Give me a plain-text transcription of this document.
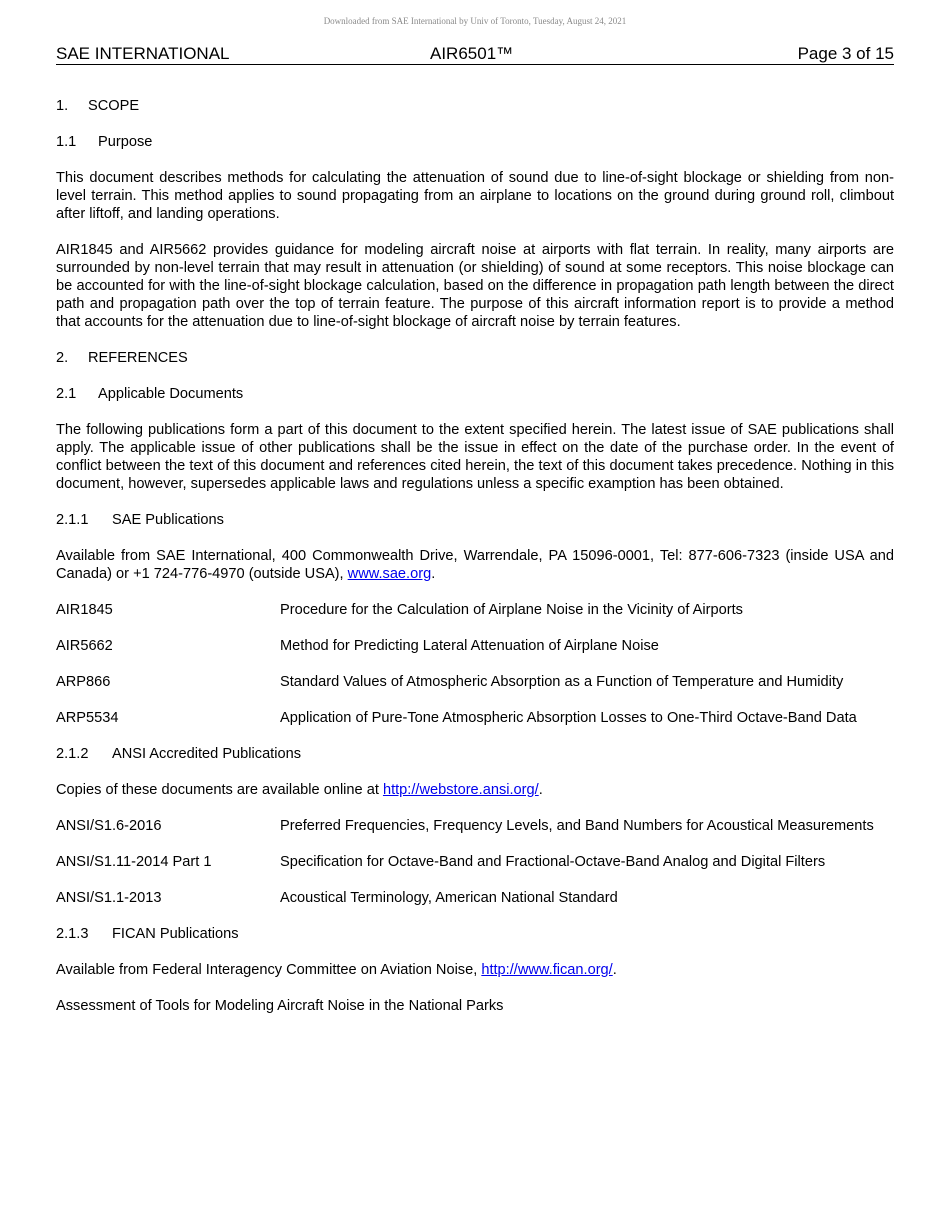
Downloaded from SAE International by Univ of Toronto, Tuesday, August 24, 2021
SAE INTERNATIONAL	AIR6501™	Page 3 of 15
1. SCOPE
1.1 Purpose

This document describes methods for calculating the attenuation of sound due to line-of-sight blockage or shielding from non-level terrain. This method applies to sound propagating from an airplane to locations on the ground during ground roll, climbout after liftoff, and landing operations.

AIR1845 and AIR5662 provides guidance for modeling aircraft noise at airports with flat terrain. In reality, many airports are surrounded by non-level terrain that may result in attenuation (or shielding) of sound at some receptors. This noise blockage can be accounted for with the line-of-sight blockage calculation, based on the difference in propagation path length between the direct path and propagation path over the top of terrain feature. The purpose of this aircraft information report is to provide a method that accounts for the attenuation due to line-of-sight blockage of aircraft noise by terrain features.

2. REFERENCES
2.1 Applicable Documents

The following publications form a part of this document to the extent specified herein. The latest issue of SAE publications shall apply. The applicable issue of other publications shall be the issue in effect on the date of the purchase order. In the event of conflict between the text of this document and references cited herein, the text of this document takes precedence. Nothing in this document, however, supersedes applicable laws and regulations unless a specific examption has been obtained.

2.1.1 SAE Publications

Available from SAE International, 400 Commonwealth Drive, Warrendale, PA 15096-0001, Tel: 877-606-7323 (inside USA and Canada) or +1 724-776-4970 (outside USA), www.sae.org.

AIR1845	Procedure for the Calculation of Airplane Noise in the Vicinity of Airports
AIR5662	Method for Predicting Lateral Attenuation of Airplane Noise
ARP866	Standard Values of Atmospheric Absorption as a Function of Temperature and Humidity
ARP5534	Application of Pure-Tone Atmospheric Absorption Losses to One-Third Octave-Band Data
2.1.2 ANSI Accredited Publications

Copies of these documents are available online at http://webstore.ansi.org/.

ANSI/S1.6-2016	Preferred Frequencies, Frequency Levels, and Band Numbers for Acoustical Measurements
ANSI/S1.11-2014 Part 1	Specification for Octave-Band and Fractional-Octave-Band Analog and Digital Filters
ANSI/S1.1-2013	Acoustical Terminology, American National Standard
2.1.3 FICAN Publications

Available from Federal Interagency Committee on Aviation Noise, http://www.fican.org/.

Assessment of Tools for Modeling Aircraft Noise in the National Parks
